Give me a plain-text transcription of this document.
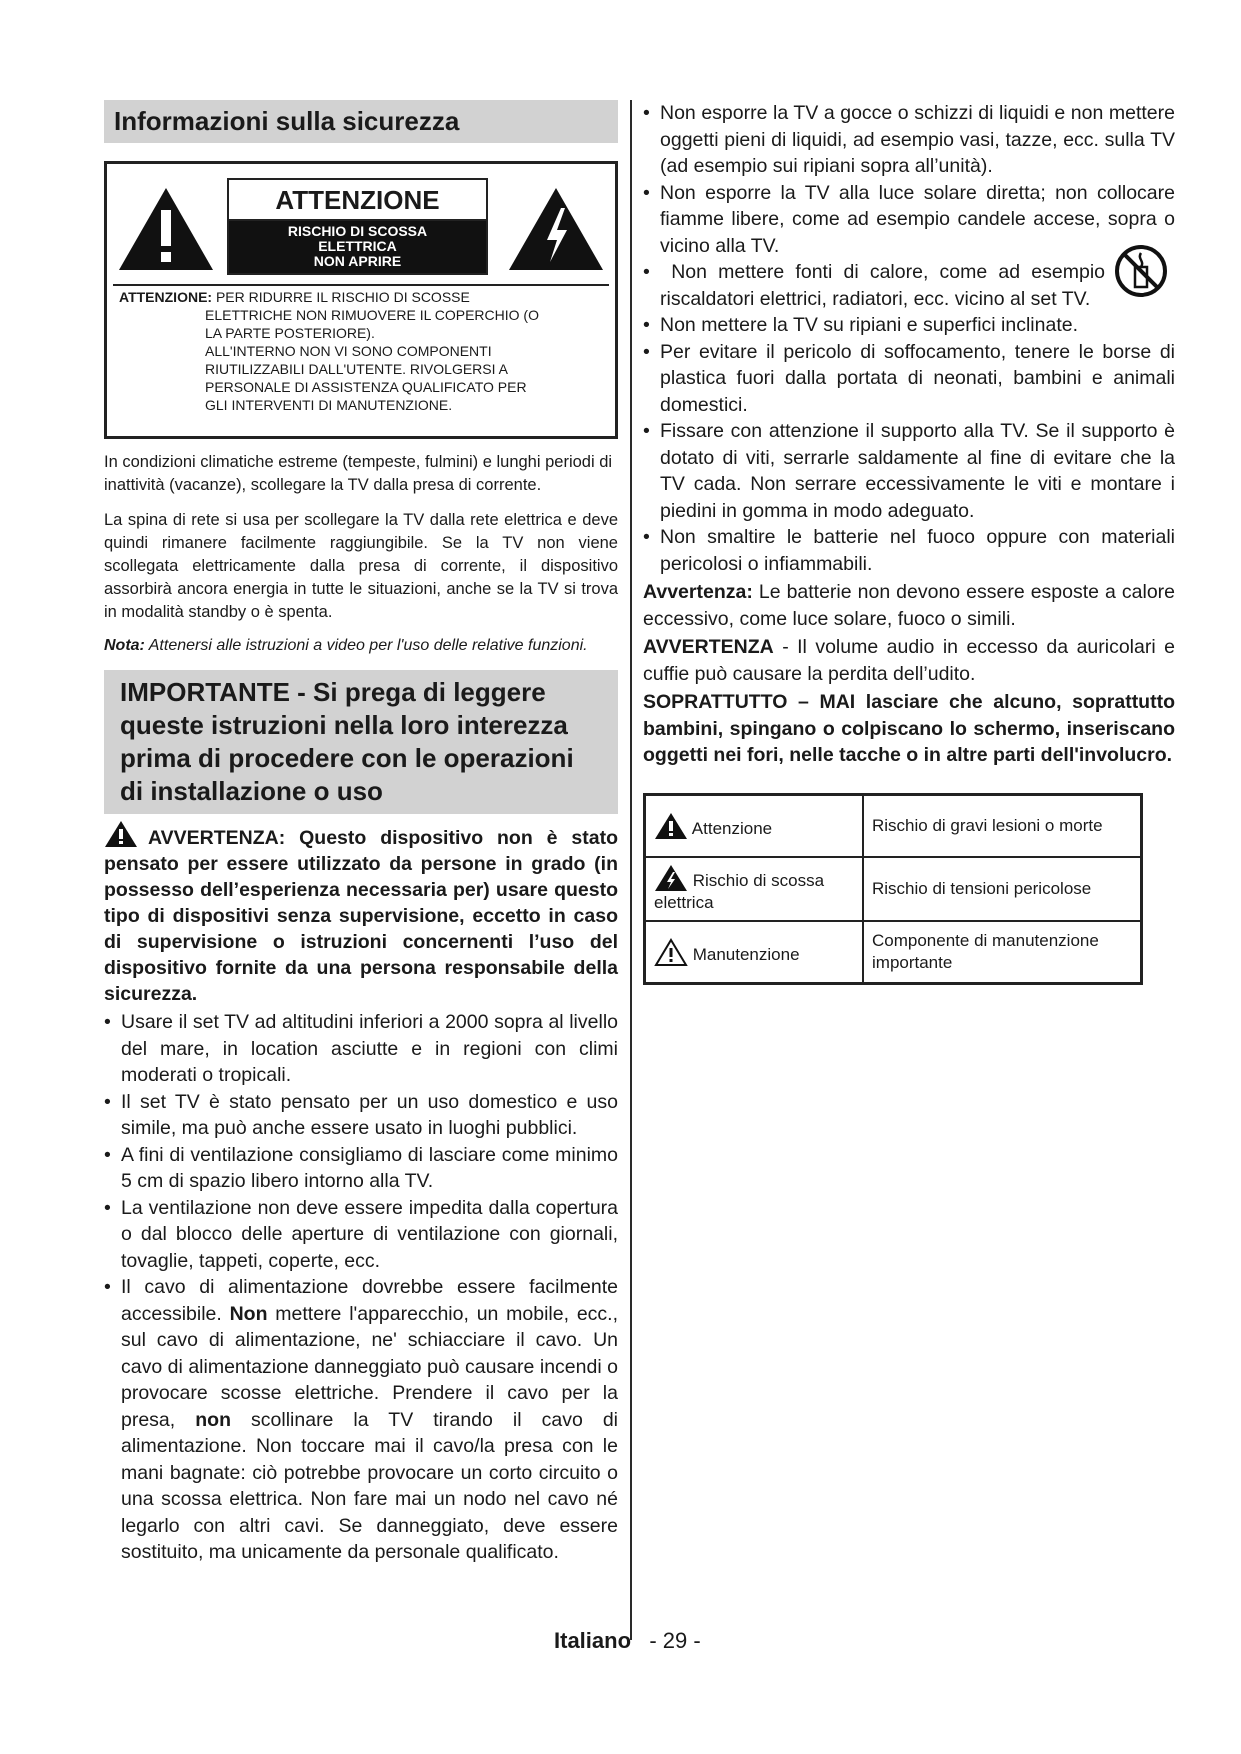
Informazioni sulla sicurezza
ATTENZIONE
RISCHIO DI SCOSSA
ELETTRICA
NON APRIRE
ATTENZIONE: PER RIDURRE IL RISCHIO DI SCOSSE
ELETTRICHE NON RIMUOVERE IL COPERCHIO (O
LA PARTE POSTERIORE).
ALL'INTERNO NON VI SONO COMPONENTI
RIUTILIZZABILI DALL'UTENTE. RIVOLGERSI A
PERSONALE DI ASSISTENZA QUALIFICATO PER
GLI INTERVENTI DI MANUTENZIONE.

In condizioni climatiche estreme (tempeste, fulmini) e lunghi periodi di inattività (vacanze), scollegare la TV dalla presa di corrente.

La spina di rete si usa per scollegare la TV dalla rete elettrica e deve quindi rimanere facilmente raggiungibile. Se la TV non viene scollegata elettricamente dalla presa di corrente, il dispositivo assorbirà ancora energia in tutte le situazioni, anche se la TV si trova in modalità standby o è spenta.

Nota: Attenersi alle istruzioni a video per l'uso delle relative funzioni.

IMPORTANTE - Si prega di leggere queste istruzioni nella loro interezza prima di procedere con le operazioni di installazione o uso
AVVERTENZA: Questo dispositivo non è stato pensato per essere utilizzato da persone in grado (in possesso dell’esperienza necessaria per) usare questo tipo di dispositivi senza supervisione, eccetto in caso di supervisione o istruzioni concernenti l’uso del dispositivo fornite da una persona responsabile della sicurezza.
• Usare il set TV ad altitudini inferiori a 2000 sopra al livello del mare, in location asciutte e in regioni con climi moderati o tropicali.
• Il set TV è stato pensato per un uso domestico e uso simile, ma può anche essere usato in luoghi pubblici.
• A fini di ventilazione consigliamo di lasciare come minimo 5 cm di spazio libero intorno alla TV.
• La ventilazione non deve essere impedita dalla copertura o dal blocco delle aperture di ventilazione con giornali, tovaglie, tappeti, coperte, ecc.
• Il cavo di alimentazione dovrebbe essere facilmente accessibile. Non mettere l'apparecchio, un mobile, ecc., sul cavo di alimentazione, ne' schiacciare il cavo. Un cavo di alimentazione danneggiato può causare incendi o provocare scosse elettriche. Prendere il cavo per la presa, non scollinare la TV tirando il cavo di alimentazione. Non toccare mai il cavo/la presa con le mani bagnate: ciò potrebbe provocare un corto circuito o una scossa elettrica. Non fare mai un nodo nel cavo né legarlo con altri cavi. Se danneggiato, deve essere sostituito, ma unicamente da personale qualificato.
• Non esporre la TV a gocce o schizzi di liquidi e non mettere oggetti pieni di liquidi, ad esempio vasi, tazze, ecc. sulla TV (ad esempio sui ripiani sopra all’unità).
• Non esporre la TV alla luce solare diretta; non collocare fiamme libere, come ad esempio candele accese, sopra o vicino alla TV.

• Non mettere fonti di calore, come ad esempio riscaldatori elettrici, radiatori, ecc. vicino al set TV.
• Non mettere la TV su ripiani e superfici inclinate.
• Per evitare il pericolo di soffocamento, tenere le borse di plastica fuori dalla portata di neonati, bambini e animali domestici.
• Fissare con attenzione il supporto alla TV. Se il supporto è dotato di viti, serrarle saldamente al fine di evitare che la TV cada. Non serrare eccessivamente le viti e montare i piedini in gomma in modo adeguato.
• Non smaltire le batterie nel fuoco oppure con materiali pericolosi o infiammabili.
Avvertenza: Le batterie non devono essere esposte a calore eccessivo, come luce solare, fuoco o simili.
AVVERTENZA - Il volume audio in eccesso da auricolari e cuffie può causare la perdita dell’udito.
SOPRATTUTTO – MAI lasciare che alcuno, soprattutto bambini, spingano o colpiscano lo schermo, inseriscano oggetti nei fori, nelle tacche o in altre parti dell'involucro.
Attenzione	Rischio di gravi lesioni o morte
Rischio di scossa elettrica	Rischio di tensioni pericolose
Manutenzione	Componente di manutenzione importante
Italiano - 29 -
